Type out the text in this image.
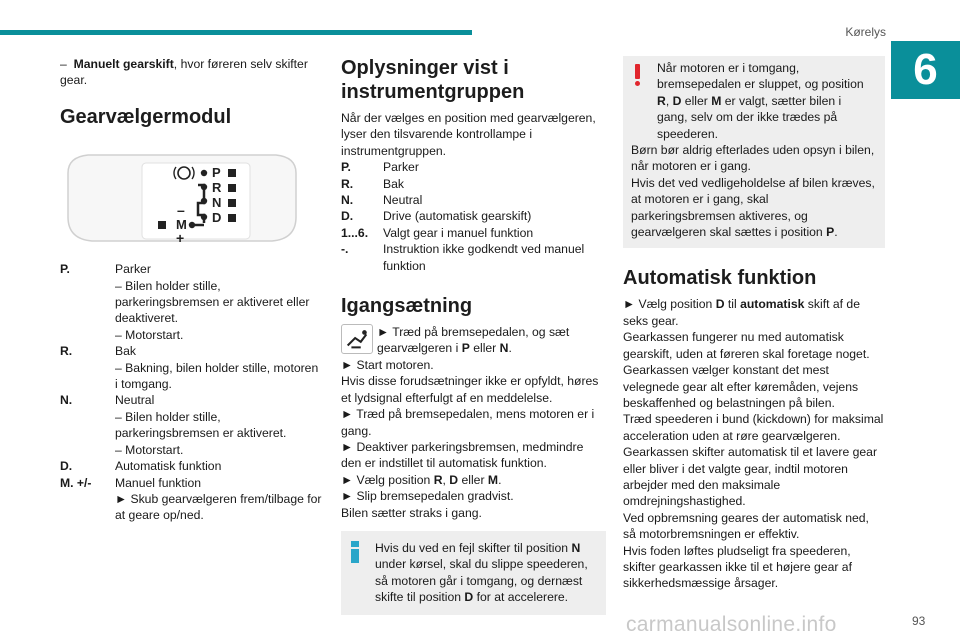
Kørelys
6

– Manuelt gearskift, hvor føreren selv skifter gear.

Gearvælgermodul
P
R
N
D
M
–
+
P.	Parker
– Bilen holder stille, parkeringsbremsen er aktiveret eller deaktiveret.
– Motorstart.
R.	Bak
– Bakning, bilen holder stille, motoren i tomgang.
N.	Neutral
– Bilen holder stille, parkeringsbremsen er aktiveret.
– Motorstart.
D.	Automatisk funktion
M. +/-	Manuel funktion
► Skub gearvælgeren frem/tilbage for at geare op/ned.
Oplysninger vist i instrumentgruppen

Når der vælges en position med gearvælgeren, lyser den tilsvarende kontrollampe i instrumentgruppen.

P.	Parker
R.	Bak
N.	Neutral
D.	Drive (automatisk gearskift)
1...6.	Valgt gear i manuel funktion
-.	Instruktion ikke godkendt ved manuel funktion
Igangsætning
► Træd på bremsepedalen, og sæt gearvælgeren i P eller N.

► Start motoren.

Hvis disse forudsætninger ikke er opfyldt, høres et lydsignal efterfulgt af en meddelelse.

► Træd på bremsepedalen, mens motoren er i gang.

► Deaktiver parkeringsbremsen, medmindre den er indstillet til automatisk funktion.

► Vælg position R, D eller M.

► Slip bremsepedalen gradvist.

Bilen sætter straks i gang.

Hvis du ved en fejl skifter til position N under kørsel, skal du slippe speederen, så motoren går i tomgang, og dernæst skifte til position D for at accelerere.

Når motoren er i tomgang, bremsepedalen er sluppet, og position R, D eller M er valgt, sætter bilen i gang, selv om der ikke trædes på speederen.

Børn bør aldrig efterlades uden opsyn i bilen, når motoren er i gang.

Hvis det ved vedligeholdelse af bilen kræves, at motoren er i gang, skal parkeringsbremsen aktiveres, og gearvælgeren skal sættes i position P.

Automatisk funktion

► Vælg position D til automatisk skift af de seks gear.

Gearkassen fungerer nu med automatisk gearskift, uden at føreren skal foretage noget. Gearkassen vælger konstant det mest velegnede gear alt efter køremåden, vejens beskaffenhed og belastningen på bilen.

Træd speederen i bund (kickdown) for maksimal acceleration uden at røre gearvælgeren.

Gearkassen skifter automatisk til et lavere gear eller bliver i det valgte gear, indtil motoren arbejder med den maksimale omdrejningshastighed.

Ved opbremsning geares der automatisk ned, så motorbremsningen er effektiv.

Hvis foden løftes pludseligt fra speederen, skifter gearkassen ikke til et højere gear af sikkerhedsmæssige årsager.

carmanualsonline.info	93
